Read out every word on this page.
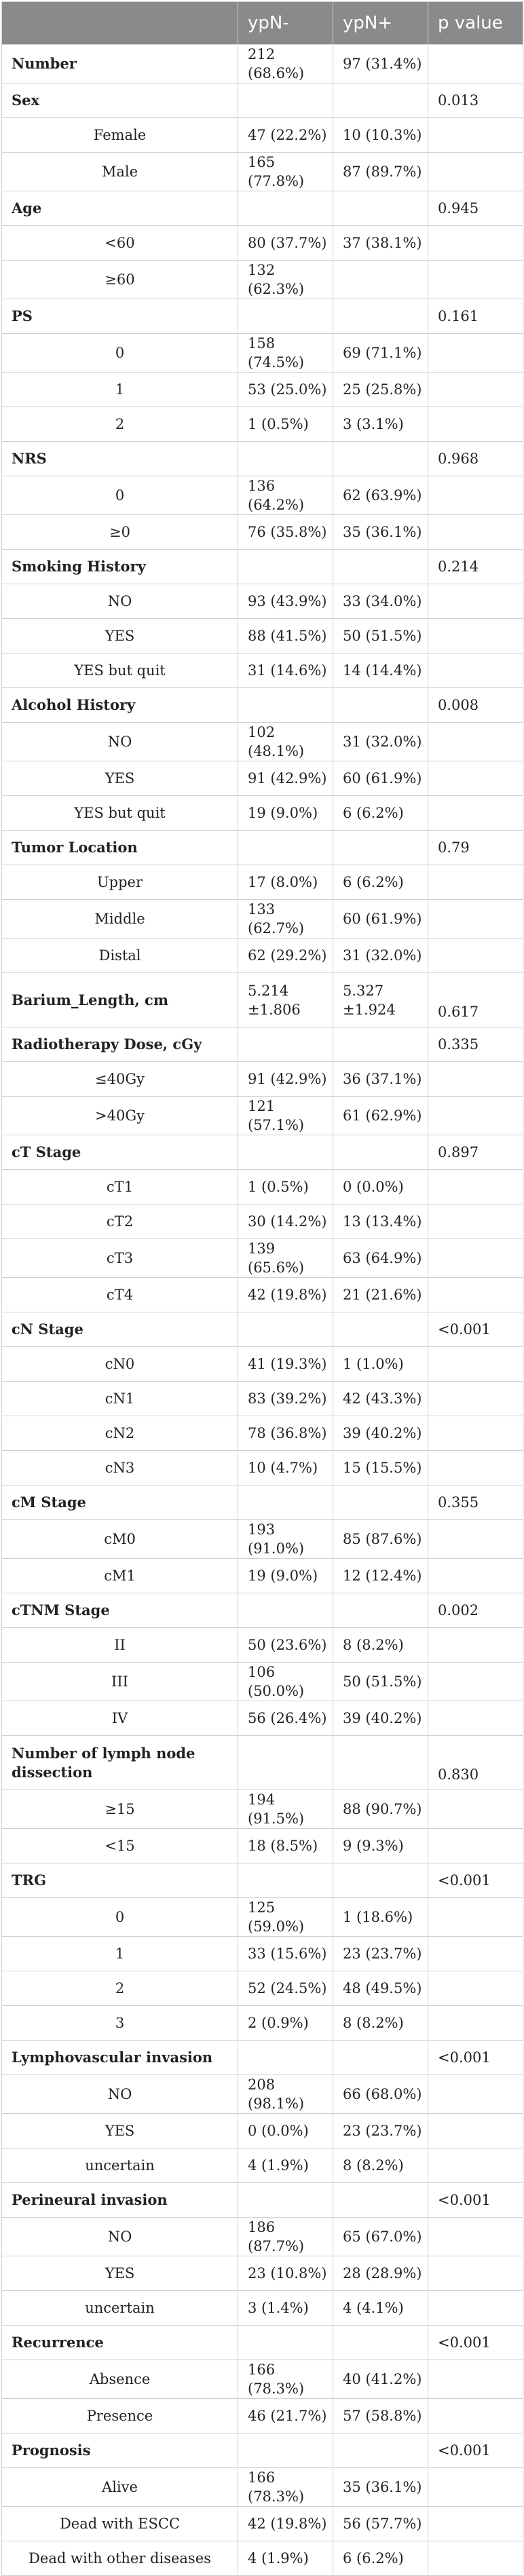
	ypN-	ypN+	p value
Number	212 (68.6%)	97 (31.4%)	
Sex			0.013
Female	47 (22.2%)	10 (10.3%)	
Male	165 (77.8%)	87 (89.7%)	
Age			0.945
<60	80 (37.7%)	37 (38.1%)	
≥60	132 (62.3%)		
PS			0.161
0	158 (74.5%)	69 (71.1%)	
1	53 (25.0%)	25 (25.8%)	
2	1 (0.5%)	3 (3.1%)	
NRS			0.968
0	136 (64.2%)	62 (63.9%)	
≥0	76 (35.8%)	35 (36.1%)	
Smoking History			0.214
NO	93 (43.9%)	33 (34.0%)	
YES	88 (41.5%)	50 (51.5%)	
YES but quit	31 (14.6%)	14 (14.4%)	
Alcohol History			0.008
NO	102 (48.1%)	31 (32.0%)	
YES	91 (42.9%)	60 (61.9%)	
YES but quit	19 (9.0%)	6 (6.2%)	
Tumor Location			0.79
Upper	17 (8.0%)	6 (6.2%)	
Middle	133 (62.7%)	60 (61.9%)	
Distal	62 (29.2%)	31 (32.0%)	
Barium_Length, cm	5.214 ±1.806	5.327 ±1.924	0.617
Radiotherapy Dose, cGy			0.335
≤40Gy	91 (42.9%)	36 (37.1%)	
>40Gy	121 (57.1%)	61 (62.9%)	
cT Stage			0.897
cT1	1 (0.5%)	0 (0.0%)	
cT2	30 (14.2%)	13 (13.4%)	
cT3	139 (65.6%)	63 (64.9%)	
cT4	42 (19.8%)	21 (21.6%)	
cN Stage			<0.001
cN0	41 (19.3%)	1 (1.0%)	
cN1	83 (39.2%)	42 (43.3%)	
cN2	78 (36.8%)	39 (40.2%)	
cN3	10 (4.7%)	15 (15.5%)	
cM Stage			0.355
cM0	193 (91.0%)	85 (87.6%)	
cM1	19 (9.0%)	12 (12.4%)	
cTNM Stage			0.002
II	50 (23.6%)	8 (8.2%)	
III	106 (50.0%)	50 (51.5%)	
IV	56 (26.4%)	39 (40.2%)	
Number of lymph node dissection			0.830
≥15	194 (91.5%)	88 (90.7%)	
<15	18 (8.5%)	9 (9.3%)	
TRG			<0.001
0	125 (59.0%)	1 (18.6%)	
1	33 (15.6%)	23 (23.7%)	
2	52 (24.5%)	48 (49.5%)	
3	2 (0.9%)	8 (8.2%)	
Lymphovascular invasion			<0.001
NO	208 (98.1%)	66 (68.0%)	
YES	0 (0.0%)	23 (23.7%)	
uncertain	4 (1.9%)	8 (8.2%)	
Perineural invasion			<0.001
NO	186 (87.7%)	65 (67.0%)	
YES	23 (10.8%)	28 (28.9%)	
uncertain	3 (1.4%)	4 (4.1%)	
Recurrence			<0.001
Absence	166 (78.3%)	40 (41.2%)	
Presence	46 (21.7%)	57 (58.8%)	
Prognosis			<0.001
Alive	166 (78.3%)	35 (36.1%)	
Dead with ESCC	42 (19.8%)	56 (57.7%)	
Dead with other diseases	4 (1.9%)	6 (6.2%)	
